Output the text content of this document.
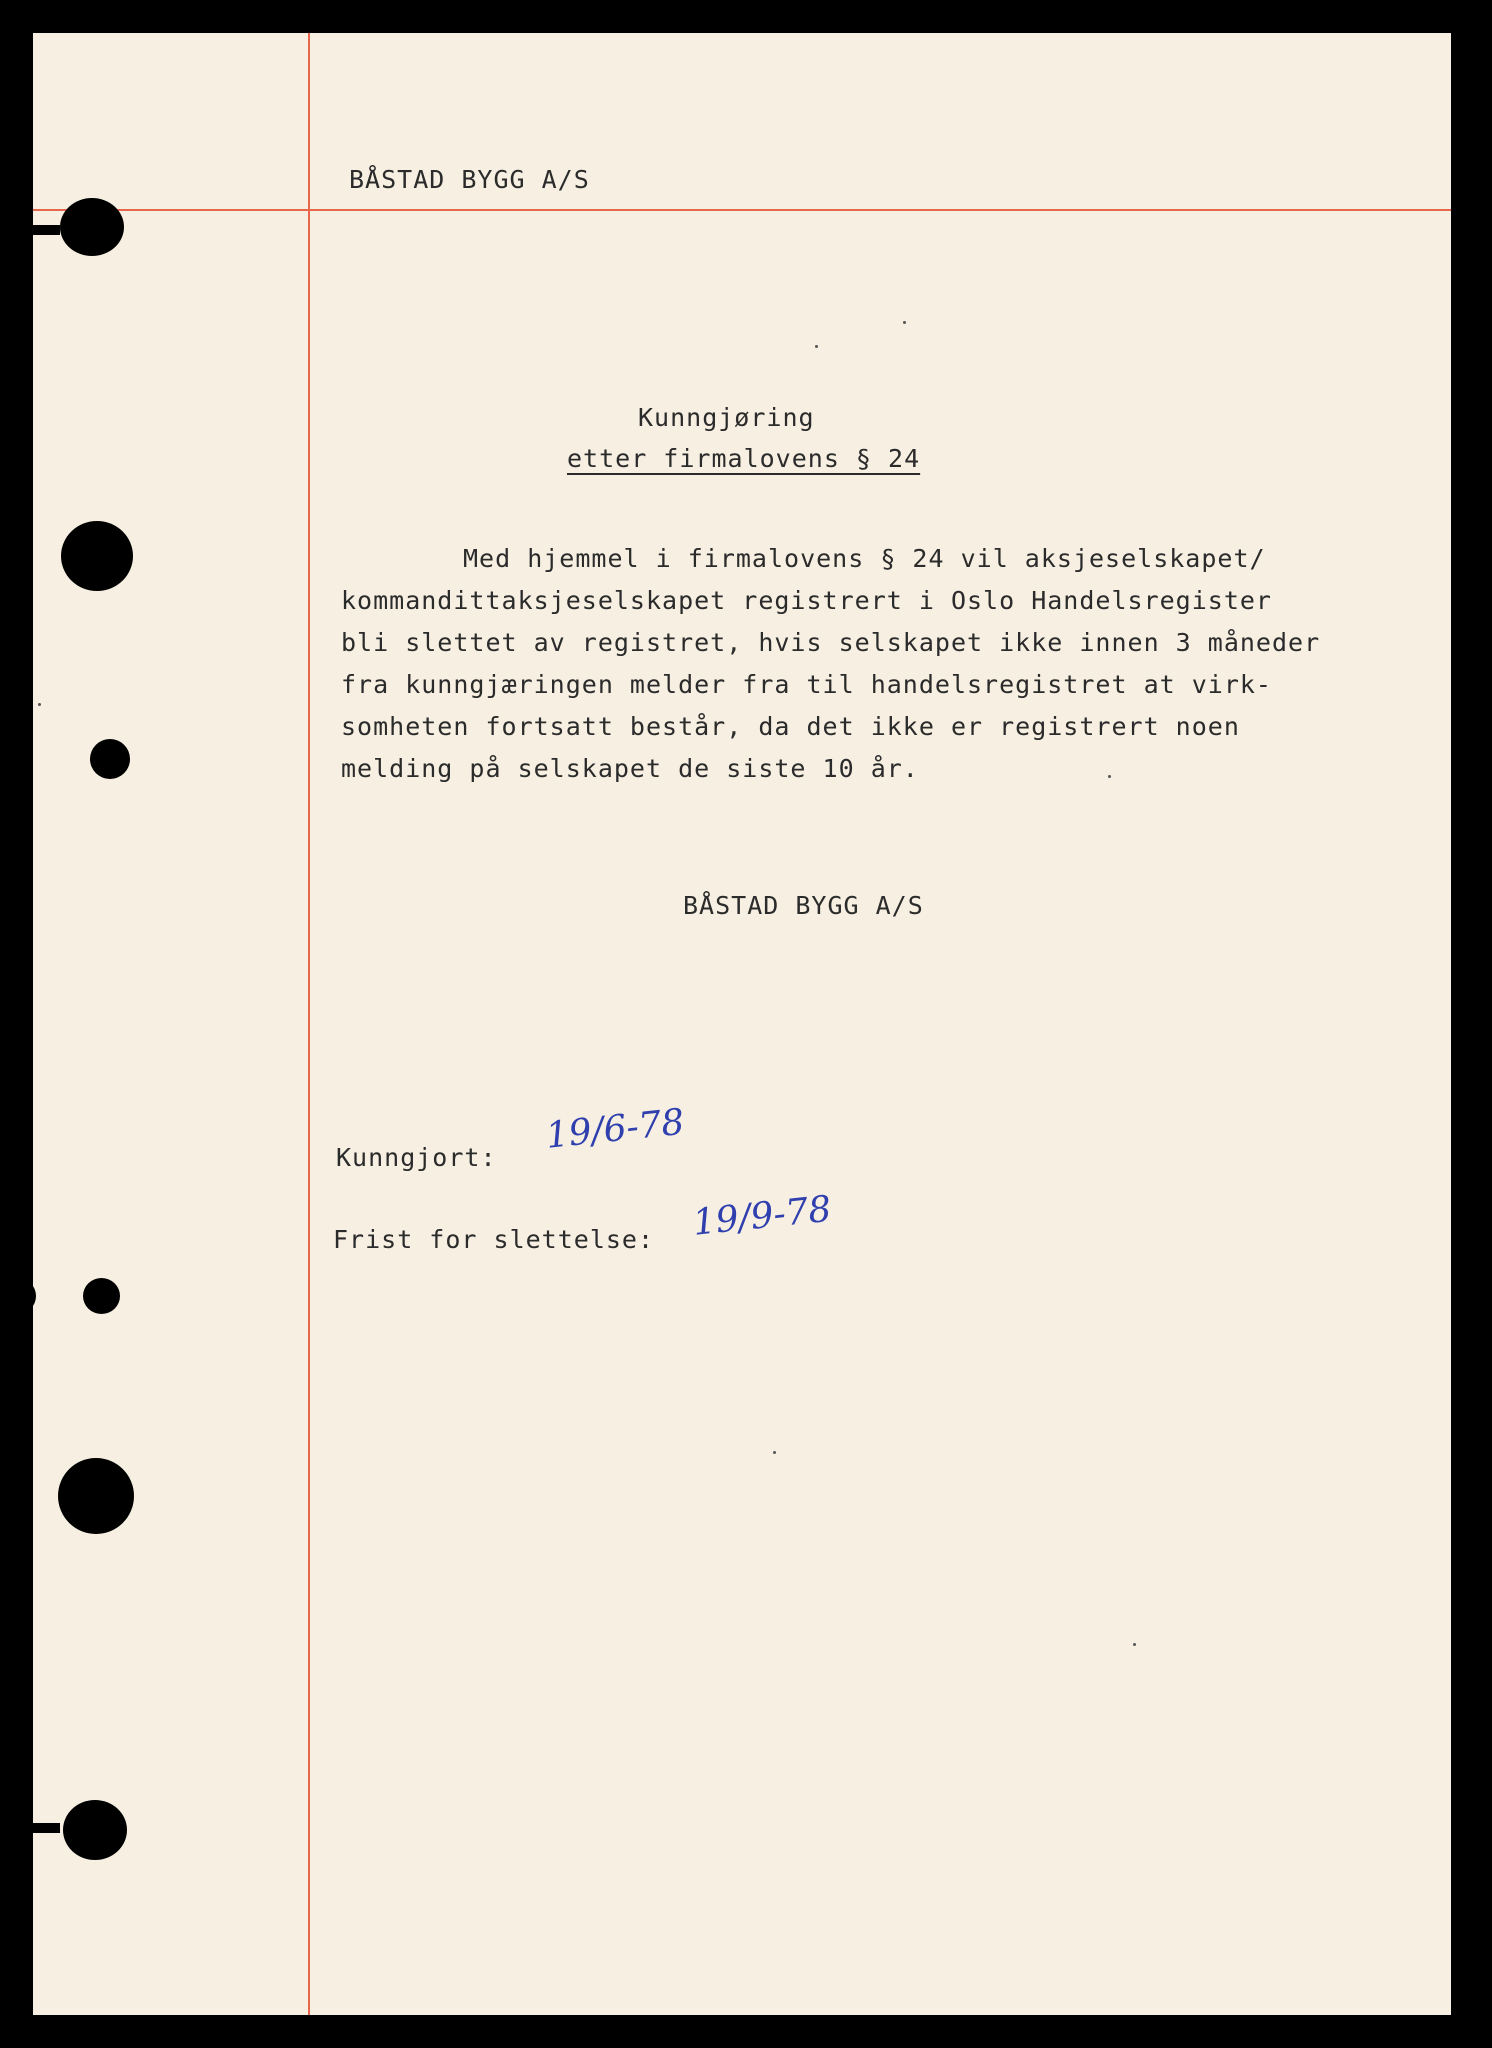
BÅSTAD BYGG A/S
Kunngjøring
etter firmalovens § 24
Med hjemmel i firmalovens § 24 vil aksjeselskapet/
kommandittaksjeselskapet registrert i Oslo Handelsregister
bli slettet av registret, hvis selskapet ikke innen 3 måneder
fra kunngjæringen melder fra til handelsregistret at virk-
somheten fortsatt består, da det ikke er registrert noen
melding på selskapet de siste 10 år.
BÅSTAD BYGG A/S
Kunngjort:
19/6-78
Frist for slettelse: 19/9-78
